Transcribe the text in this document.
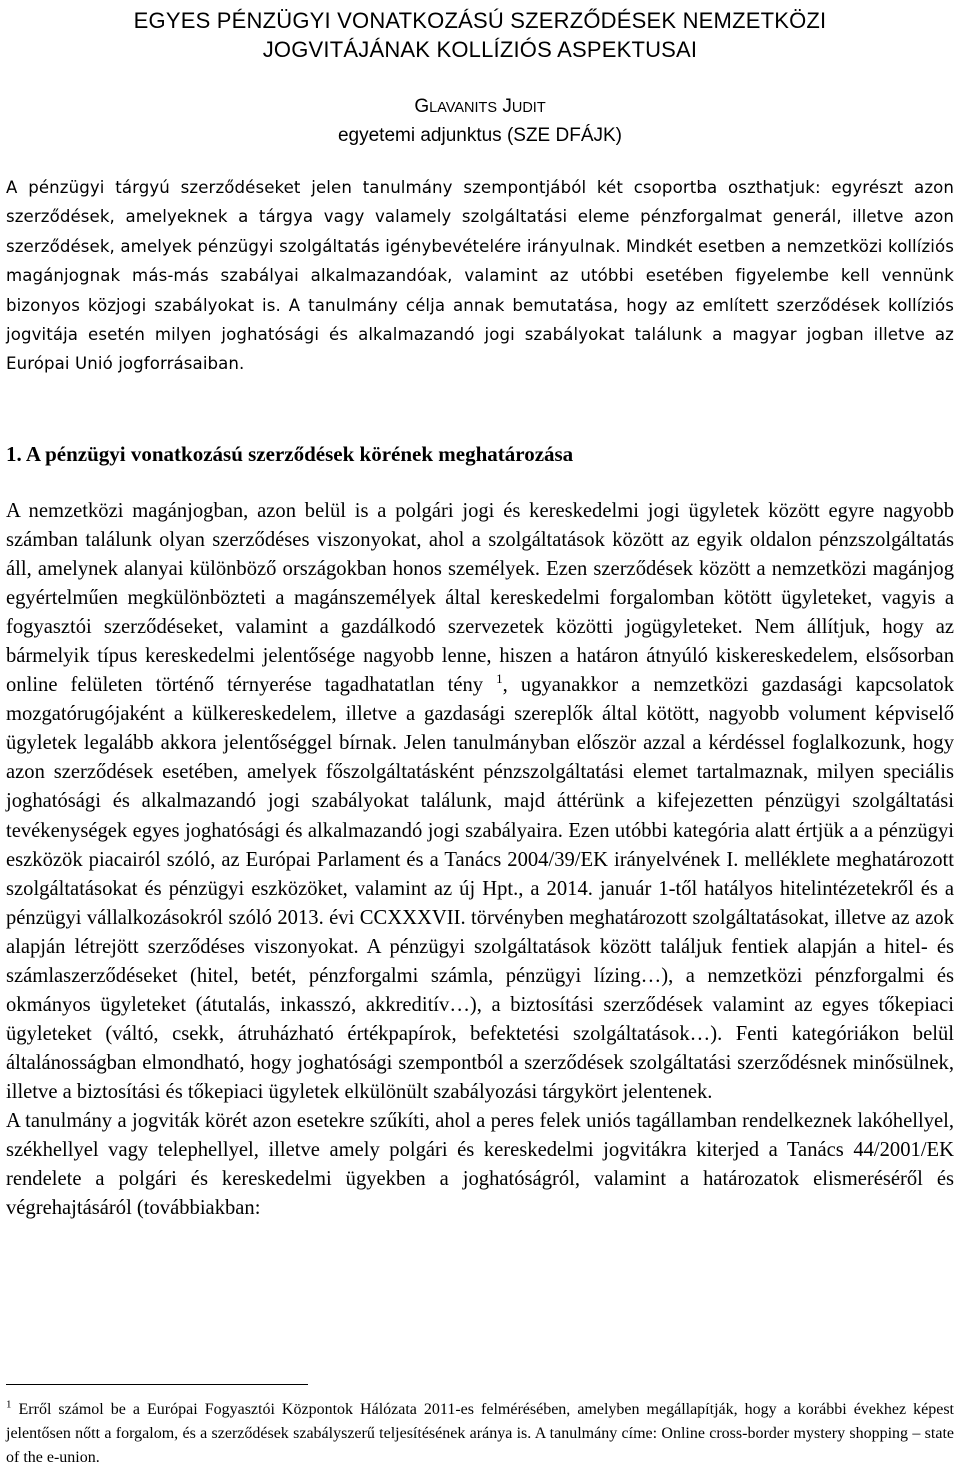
EGYES PÉNZÜGYI VONATKOZÁSÚ SZERZŐDÉSEK NEMZETKÖZI
JOGVITÁJÁNAK KOLLÍZIÓS ASPEKTUSAI
GLAVANITS JUDIT
egyetemi adjunktus (SZE DFÁJK)
A pénzügyi tárgyú szerződéseket jelen tanulmány szempontjából két csoportba oszthatjuk: egyrészt azon szerződések, amelyeknek a tárgya vagy valamely szolgáltatási eleme pénzforgalmat generál, illetve azon szerződések, amelyek pénzügyi szolgáltatás igénybevételére irányulnak. Mindkét esetben a nemzetközi kollíziós magánjognak más-más szabályai alkalmazandóak, valamint az utóbbi esetében figyelembe kell vennünk bizonyos közjogi szabályokat is. A tanulmány célja annak bemutatása, hogy az említett szerződések kollíziós jogvitája esetén milyen joghatósági és alkalmazandó jogi szabályokat találunk a magyar jogban illetve az Európai Unió jogforrásaiban.
1. A pénzügyi vonatkozású szerződések körének meghatározása

A nemzetközi magánjogban, azon belül is a polgári jogi és kereskedelmi jogi ügyletek között egyre nagyobb számban találunk olyan szerződéses viszonyokat, ahol a szolgáltatások között az egyik oldalon pénzszolgáltatás áll, amelynek alanyai különböző országokban honos személyek. Ezen szerződések között a nemzetközi magánjog egyértelműen megkülönbözteti a magánszemélyek által kereskedelmi forgalomban kötött ügyleteket, vagyis a fogyasztói szerződéseket, valamint a gazdálkodó szervezetek közötti jogügyleteket. Nem állítjuk, hogy az bármelyik típus kereskedelmi jelentősége nagyobb lenne, hiszen a határon átnyúló kiskereskedelem, elsősorban online felületen történő térnyerése tagadhatatlan tény $^1$, ugyanakkor a nemzetközi gazdasági kapcsolatok mozgatórugójaként a külkereskedelem, illetve a gazdasági szereplők által kötött, nagyobb volument képviselő ügyletek legalább akkora jelentőséggel bírnak. Jelen tanulmányban először azzal a kérdéssel foglalkozunk, hogy azon szerződések esetében, amelyek főszolgáltatásként pénzszolgáltatási elemet tartalmaznak, milyen speciális joghatósági és alkalmazandó jogi szabályokat találunk, majd áttérünk a kifejezetten pénzügyi szolgáltatási tevékenységek egyes joghatósági és alkalmazandó jogi szabályaira. Ezen utóbbi kategória alatt értjük a a pénzügyi eszközök piacairól szóló, az Európai Parlament és a Tanács 2004/39/EK irányelvének I. melléklete meghatározott szolgáltatásokat és pénzügyi eszközöket, valamint az új Hpt., a 2014. január 1-től hatályos hitelintézetekről és a pénzügyi vállalkozásokról szóló 2013. évi CCXXXVII. törvényben meghatározott szolgáltatásokat, illetve az azok alapján létrejött szerződéses viszonyokat. A pénzügyi szolgáltatások között találjuk fentiek alapján a hitel- és számlaszerződéseket (hitel, betét, pénzforgalmi számla, pénzügyi lízing…), a nemzetközi pénzforgalmi és okmányos ügyleteket (átutalás, inkasszó, akkreditív…), a biztosítási szerződések valamint az egyes tőkepiaci ügyleteket (váltó, csekk, átruházható értékpapírok, befektetési szolgáltatások…). Fenti kategóriákon belül általánosságban elmondható, hogy joghatósági szempontból a szerződések szolgáltatási szerződésnek minősülnek, illetve a biztosítási és tőkepiaci ügyletek elkülönült szabályozási tárgykört jelentenek.

A tanulmány a jogviták körét azon esetekre szűkíti, ahol a peres felek uniós tagállamban rendelkeznek lakóhellyel, székhellyel vagy telephellyel, illetve amely polgári és kereskedelmi jogvitákra kiterjed a Tanács 44/2001/EK rendelete a polgári és kereskedelmi ügyekben a joghatóságról, valamint a határozatok elismeréséről és végrehajtásáról (továbbiakban:

$^1$ Erről számol be a Európai Fogyasztói Központok Hálózata 2011-es felmérésében, amelyben megállapítják, hogy a korábbi évekhez képest jelentősen nőtt a forgalom, és a szerződések szabályszerű teljesítésének aránya is. A tanulmány címe: Online cross-border mystery shopping – state of the e-union.
